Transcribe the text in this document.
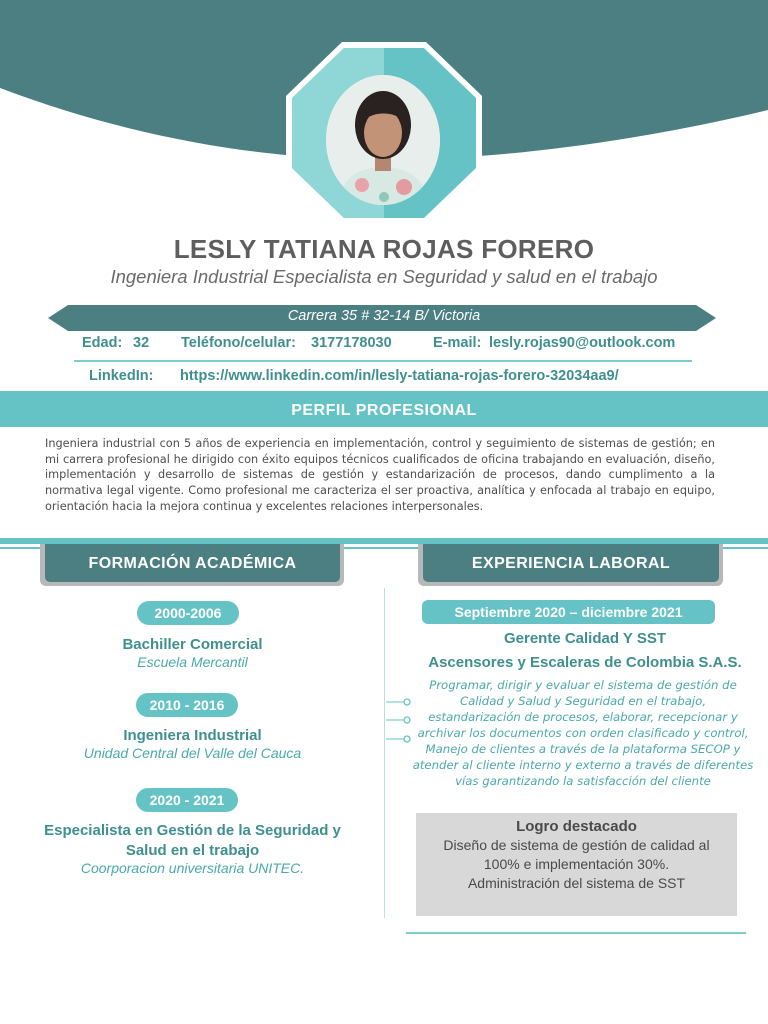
LESLY TATIANA ROJAS FORERO
Ingeniera Industrial Especialista en Seguridad y salud en el trabajo
Carrera 35 # 32-14 B/ Victoria
Edad: 32 Teléfono/celular: 3177178030	E-mail: lesly.rojas90@outlook.com
LinkedIn: https://www.linkedin.com/in/lesly-tatiana-rojas-forero-32034aa9/
PERFIL PROFESIONAL
Ingeniera industrial con 5 años de experiencia en implementación, control y seguimiento de sistemas de gestión; en mi carrera profesional he dirigido con éxito equipos técnicos cualificados de oficina trabajando en evaluación, diseño, implementación y desarrollo de sistemas de gestión y estandarización de procesos, dando cumplimento a la normativa legal vigente. Como profesional me caracteriza el ser proactiva, analítica y enfocada al trabajo en equipo, orientación hacia la mejora continua y excelentes relaciones interpersonales.
FORMACIÓN ACADÉMICA	EXPERIENCIA LABORAL
2000-2006
Bachiller Comercial
Escuela Mercantil
2010 - 2016
Ingeniera Industrial
Unidad Central del Valle del Cauca
2020 - 2021
Especialista en Gestión de la Seguridad y Salud en el trabajo
Coorporacion universitaria UNITEC.
Septiembre 2020 – diciembre 2021
Gerente Calidad Y SST
Ascensores y Escaleras de Colombia S.A.S.
Programar, dirigir y evaluar el sistema de gestión de Calidad y Salud y Seguridad en el trabajo, estandarización de procesos, elaborar, recepcionar y archivar los documentos con orden clasificado y control, Manejo de clientes a través de la plataforma SECOP y atender al cliente interno y externo a través de diferentes vías garantizando la satisfacción del cliente
Logro destacado
Diseño de sistema de gestión de calidad al
100% e implementación 30%.
Administración del sistema de SST
